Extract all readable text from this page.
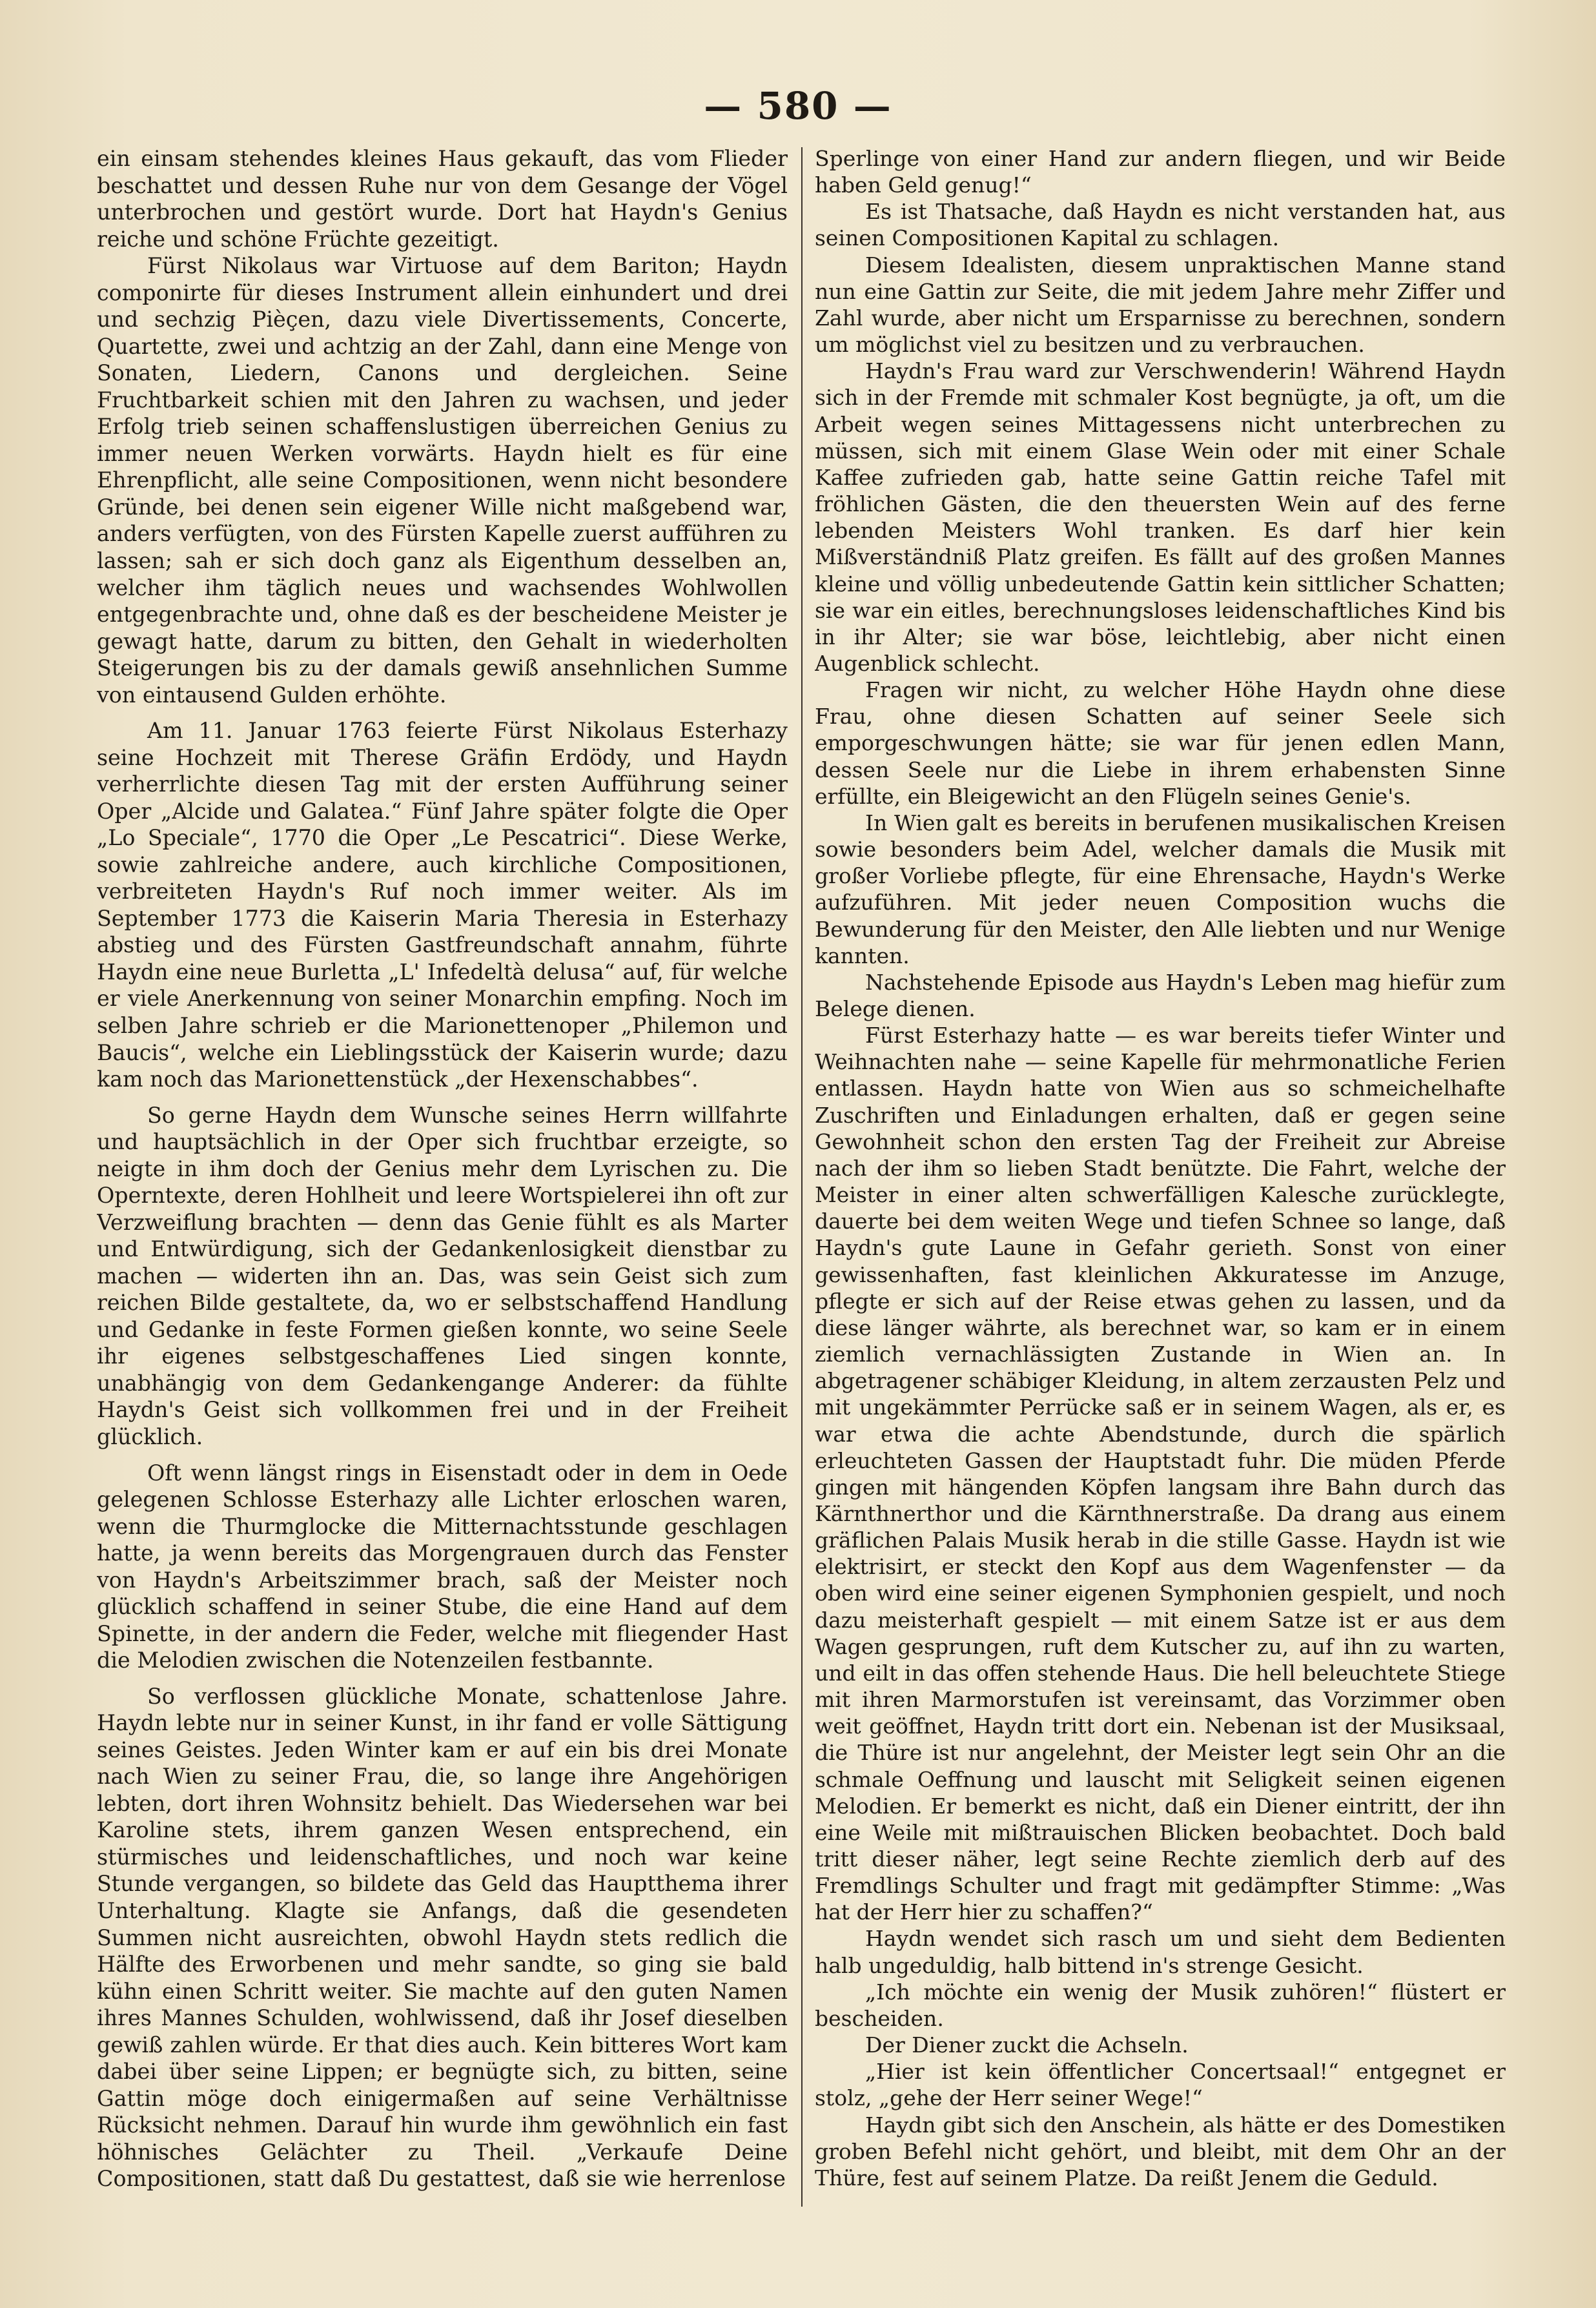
— 580 —

ein einsam stehendes kleines Haus gekauft, das vom Flieder beschattet und dessen Ruhe nur von dem Gesange der Vögel unterbrochen und gestört wurde. Dort hat Haydn's Genius reiche und schöne Früchte gezeitigt.

Fürst Nikolaus war Virtuose auf dem Bariton; Haydn componirte für dieses Instrument allein einhundert und drei und sechzig Pièçen, dazu viele Divertissements, Concerte, Quartette, zwei und achtzig an der Zahl, dann eine Menge von Sonaten, Liedern, Canons und dergleichen. Seine Fruchtbarkeit schien mit den Jahren zu wachsen, und jeder Erfolg trieb seinen schaffenslustigen überreichen Genius zu immer neuen Werken vorwärts. Haydn hielt es für eine Ehrenpflicht, alle seine Compositionen, wenn nicht besondere Gründe, bei denen sein eigener Wille nicht maßgebend war, anders verfügten, von des Fürsten Kapelle zuerst aufführen zu lassen; sah er sich doch ganz als Eigenthum desselben an, welcher ihm täglich neues und wachsendes Wohlwollen entgegenbrachte und, ohne daß es der bescheidene Meister je gewagt hatte, darum zu bitten, den Gehalt in wiederholten Steigerungen bis zu der damals gewiß ansehnlichen Summe von eintausend Gulden erhöhte.

Am 11. Januar 1763 feierte Fürst Nikolaus Esterhazy seine Hochzeit mit Therese Gräfin Erdödy, und Haydn verherrlichte diesen Tag mit der ersten Aufführung seiner Oper „Alcide und Galatea.“ Fünf Jahre später folgte die Oper „Lo Speciale“, 1770 die Oper „Le Pescatrici“. Diese Werke, sowie zahlreiche andere, auch kirchliche Compositionen, verbreiteten Haydn's Ruf noch immer weiter. Als im September 1773 die Kaiserin Maria Theresia in Esterhazy abstieg und des Fürsten Gastfreundschaft annahm, führte Haydn eine neue Burletta „L' Infedeltà delusa“ auf, für welche er viele Anerkennung von seiner Monarchin empfing. Noch im selben Jahre schrieb er die Marionettenoper „Philemon und Baucis“, welche ein Lieblingsstück der Kaiserin wurde; dazu kam noch das Marionettenstück „der Hexenschabbes“.

So gerne Haydn dem Wunsche seines Herrn willfahrte und hauptsächlich in der Oper sich fruchtbar erzeigte, so neigte in ihm doch der Genius mehr dem Lyrischen zu. Die Operntexte, deren Hohlheit und leere Wortspielerei ihn oft zur Verzweiflung brachten — denn das Genie fühlt es als Marter und Entwürdigung, sich der Gedankenlosigkeit dienstbar zu machen — widerten ihn an. Das, was sein Geist sich zum reichen Bilde gestaltete, da, wo er selbstschaffend Handlung und Gedanke in feste Formen gießen konnte, wo seine Seele ihr eigenes selbstgeschaffenes Lied singen konnte, unabhängig von dem Gedankengange Anderer: da fühlte Haydn's Geist sich vollkommen frei und in der Freiheit glücklich.

Oft wenn längst rings in Eisenstadt oder in dem in Oede gelegenen Schlosse Esterhazy alle Lichter erloschen waren, wenn die Thurmglocke die Mitternachtsstunde geschlagen hatte, ja wenn bereits das Morgengrauen durch das Fenster von Haydn's Arbeitszimmer brach, saß der Meister noch glücklich schaffend in seiner Stube, die eine Hand auf dem Spinette, in der andern die Feder, welche mit fliegender Hast die Melodien zwischen die Notenzeilen festbannte.

So verflossen glückliche Monate, schattenlose Jahre. Haydn lebte nur in seiner Kunst, in ihr fand er volle Sättigung seines Geistes. Jeden Winter kam er auf ein bis drei Monate nach Wien zu seiner Frau, die, so lange ihre Angehörigen lebten, dort ihren Wohnsitz behielt. Das Wiedersehen war bei Karoline stets, ihrem ganzen Wesen entsprechend, ein stürmisches und leidenschaftliches, und noch war keine Stunde vergangen, so bildete das Geld das Hauptthema ihrer Unterhaltung. Klagte sie Anfangs, daß die gesendeten Summen nicht ausreichten, obwohl Haydn stets redlich die Hälfte des Erworbenen und mehr sandte, so ging sie bald kühn einen Schritt weiter. Sie machte auf den guten Namen ihres Mannes Schulden, wohlwissend, daß ihr Josef dieselben gewiß zahlen würde. Er that dies auch. Kein bitteres Wort kam dabei über seine Lippen; er begnügte sich, zu bitten, seine Gattin möge doch einigermaßen auf seine Verhältnisse Rücksicht nehmen. Darauf hin wurde ihm gewöhnlich ein fast höhnisches Gelächter zu Theil. „Verkaufe Deine Compositionen, statt daß Du gestattest, daß sie wie herrenlose

Sperlinge von einer Hand zur andern fliegen, und wir Beide haben Geld genug!“

Es ist Thatsache, daß Haydn es nicht verstanden hat, aus seinen Compositionen Kapital zu schlagen.

Diesem Idealisten, diesem unpraktischen Manne stand nun eine Gattin zur Seite, die mit jedem Jahre mehr Ziffer und Zahl wurde, aber nicht um Ersparnisse zu berechnen, sondern um möglichst viel zu besitzen und zu verbrauchen.

Haydn's Frau ward zur Verschwenderin! Während Haydn sich in der Fremde mit schmaler Kost begnügte, ja oft, um die Arbeit wegen seines Mittagessens nicht unterbrechen zu müssen, sich mit einem Glase Wein oder mit einer Schale Kaffee zufrieden gab, hatte seine Gattin reiche Tafel mit fröhlichen Gästen, die den theuersten Wein auf des ferne lebenden Meisters Wohl tranken. Es darf hier kein Mißverständniß Platz greifen. Es fällt auf des großen Mannes kleine und völlig unbedeutende Gattin kein sittlicher Schatten; sie war ein eitles, berechnungsloses leidenschaftliches Kind bis in ihr Alter; sie war böse, leichtlebig, aber nicht einen Augenblick schlecht.

Fragen wir nicht, zu welcher Höhe Haydn ohne diese Frau, ohne diesen Schatten auf seiner Seele sich emporgeschwungen hätte; sie war für jenen edlen Mann, dessen Seele nur die Liebe in ihrem erhabensten Sinne erfüllte, ein Bleigewicht an den Flügeln seines Genie's.

In Wien galt es bereits in berufenen musikalischen Kreisen sowie besonders beim Adel, welcher damals die Musik mit großer Vorliebe pflegte, für eine Ehrensache, Haydn's Werke aufzuführen. Mit jeder neuen Composition wuchs die Bewunderung für den Meister, den Alle liebten und nur Wenige kannten.

Nachstehende Episode aus Haydn's Leben mag hiefür zum Belege dienen.

Fürst Esterhazy hatte — es war bereits tiefer Winter und Weihnachten nahe — seine Kapelle für mehrmonatliche Ferien entlassen. Haydn hatte von Wien aus so schmeichelhafte Zuschriften und Einladungen erhalten, daß er gegen seine Gewohnheit schon den ersten Tag der Freiheit zur Abreise nach der ihm so lieben Stadt benützte. Die Fahrt, welche der Meister in einer alten schwerfälligen Kalesche zurücklegte, dauerte bei dem weiten Wege und tiefen Schnee so lange, daß Haydn's gute Laune in Gefahr gerieth. Sonst von einer gewissenhaften, fast kleinlichen Akkuratesse im Anzuge, pflegte er sich auf der Reise etwas gehen zu lassen, und da diese länger währte, als berechnet war, so kam er in einem ziemlich vernachlässigten Zustande in Wien an. In abgetragener schäbiger Kleidung, in altem zerzausten Pelz und mit ungekämmter Perrücke saß er in seinem Wagen, als er, es war etwa die achte Abendstunde, durch die spärlich erleuchteten Gassen der Hauptstadt fuhr. Die müden Pferde gingen mit hängenden Köpfen langsam ihre Bahn durch das Kärnthnerthor und die Kärnthnerstraße. Da drang aus einem gräflichen Palais Musik herab in die stille Gasse. Haydn ist wie elektrisirt, er steckt den Kopf aus dem Wagenfenster — da oben wird eine seiner eigenen Symphonien gespielt, und noch dazu meisterhaft gespielt — mit einem Satze ist er aus dem Wagen gesprungen, ruft dem Kutscher zu, auf ihn zu warten, und eilt in das offen stehende Haus. Die hell beleuchtete Stiege mit ihren Marmorstufen ist vereinsamt, das Vorzimmer oben weit geöffnet, Haydn tritt dort ein. Nebenan ist der Musiksaal, die Thüre ist nur angelehnt, der Meister legt sein Ohr an die schmale Oeffnung und lauscht mit Seligkeit seinen eigenen Melodien. Er bemerkt es nicht, daß ein Diener eintritt, der ihn eine Weile mit mißtrauischen Blicken beobachtet. Doch bald tritt dieser näher, legt seine Rechte ziemlich derb auf des Fremdlings Schulter und fragt mit gedämpfter Stimme: „Was hat der Herr hier zu schaffen?“

Haydn wendet sich rasch um und sieht dem Bedienten halb ungeduldig, halb bittend in's strenge Gesicht.

„Ich möchte ein wenig der Musik zuhören!“ flüstert er bescheiden.

Der Diener zuckt die Achseln.

„Hier ist kein öffentlicher Concertsaal!“ entgegnet er stolz, „gehe der Herr seiner Wege!“

Haydn gibt sich den Anschein, als hätte er des Domestiken groben Befehl nicht gehört, und bleibt, mit dem Ohr an der Thüre, fest auf seinem Platze. Da reißt Jenem die Geduld.
